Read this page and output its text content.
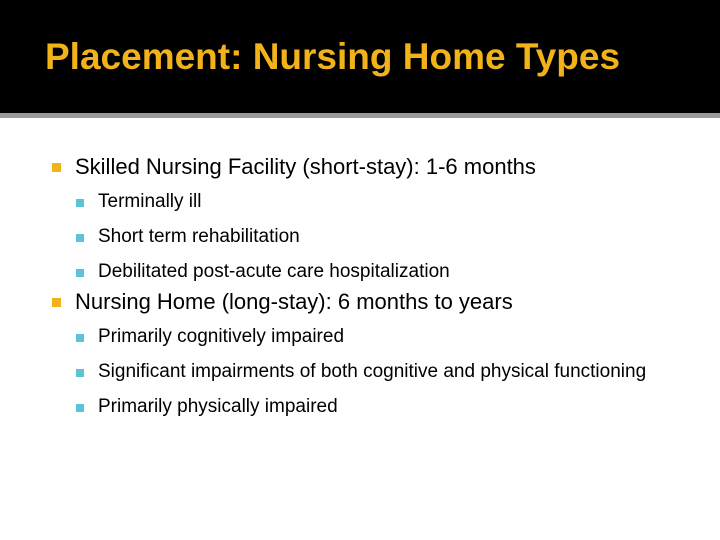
Placement: Nursing Home Types
Skilled Nursing Facility (short-stay): 1-6 months
Terminally ill
Short term rehabilitation
Debilitated post-acute care hospitalization
Nursing Home (long-stay): 6 months to years
Primarily cognitively impaired
Significant impairments of both cognitive and physical functioning
Primarily physically impaired
